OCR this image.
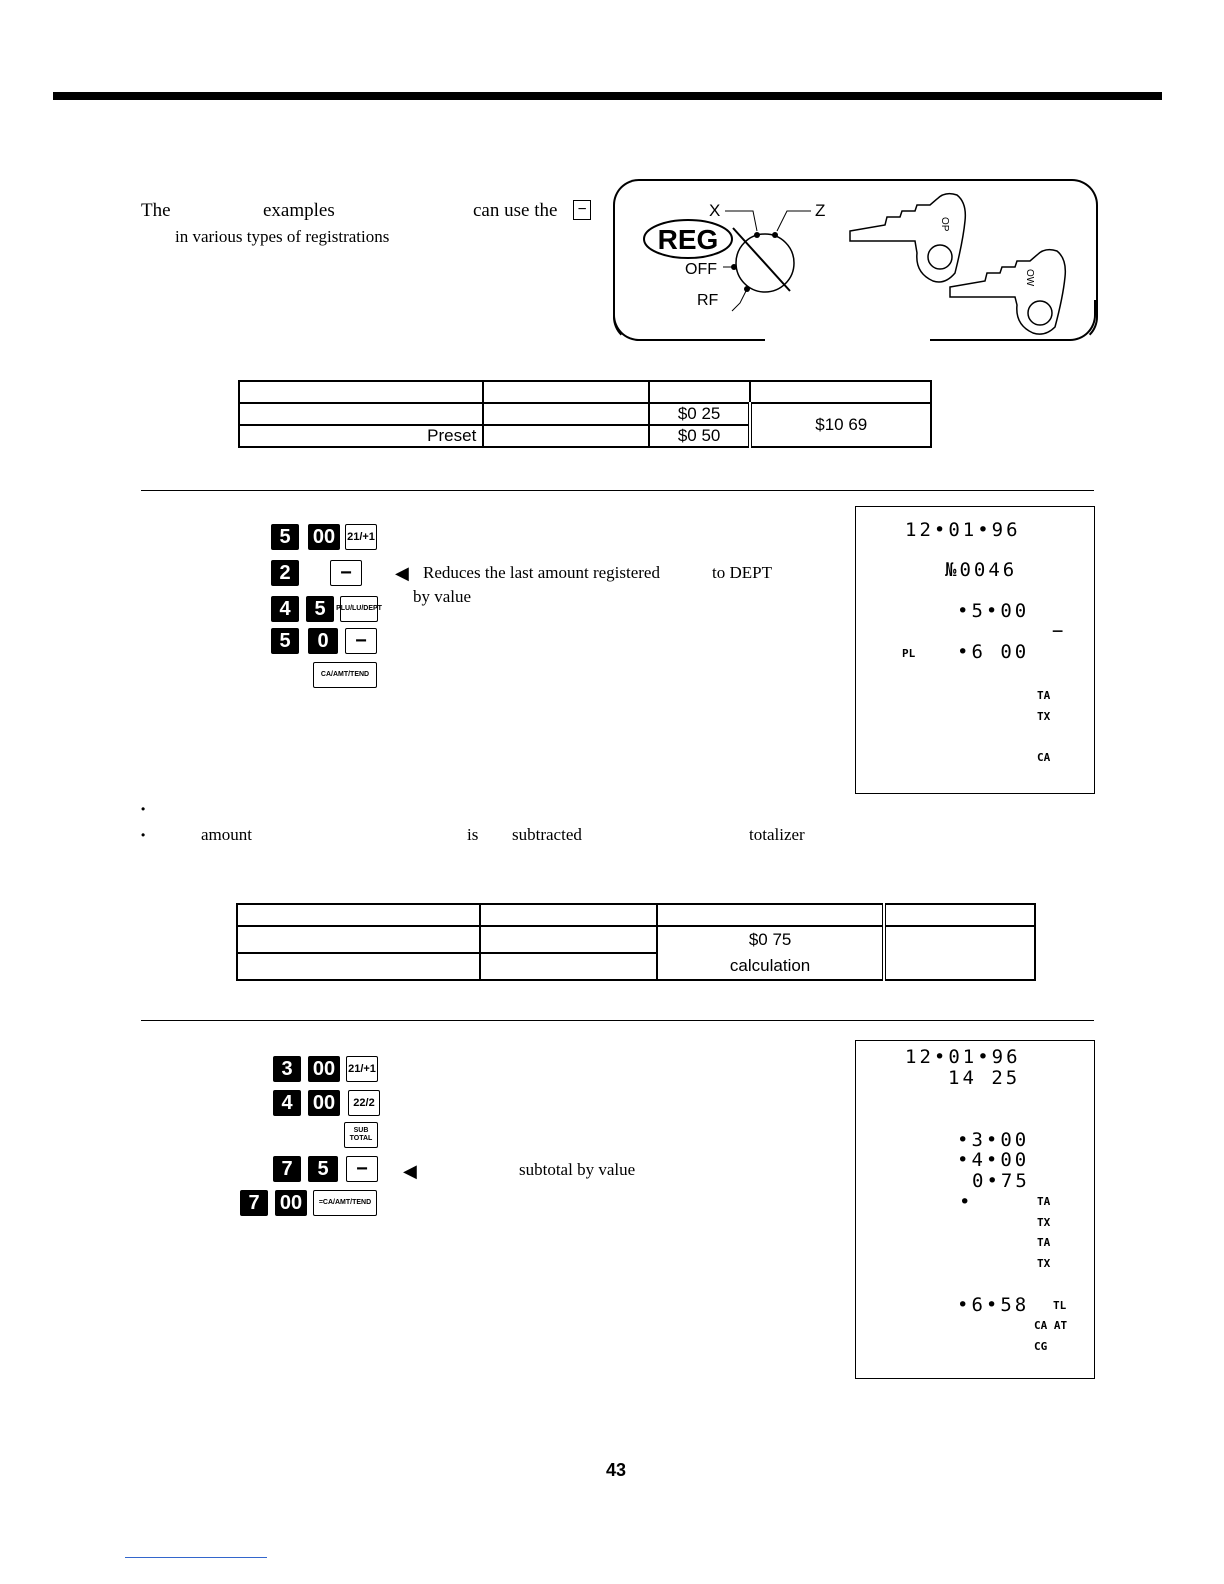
The	examples	can use the −
in various types of registrations	REG
X	Z
OFF
RF
OP
OW

		$0 25	$10 69
Preset		$0 50	
5	00	21/+1
2	−
4	5	PLU/LU/DEPT
5	0	−
CA/AMT/TEND
◀ Reduces the last amount registered	to DEPT
by value
12•01•96
№0046
•5•00
−
PL •6 00
TA
TX
CA
•
•	amount	is subtracted	totalizer

		$0 75
calculation	

3	00	21/+1
4	00	22/2
SUB TOTAL
7	5	−
7	00	=CA/AMT/TEND
◀	subtotal by value
12•01•96
14 25
•3•00
•4•00
0•75
•	TA
TX
TA
TX
•6•58 TL
CA AT
CG
43
